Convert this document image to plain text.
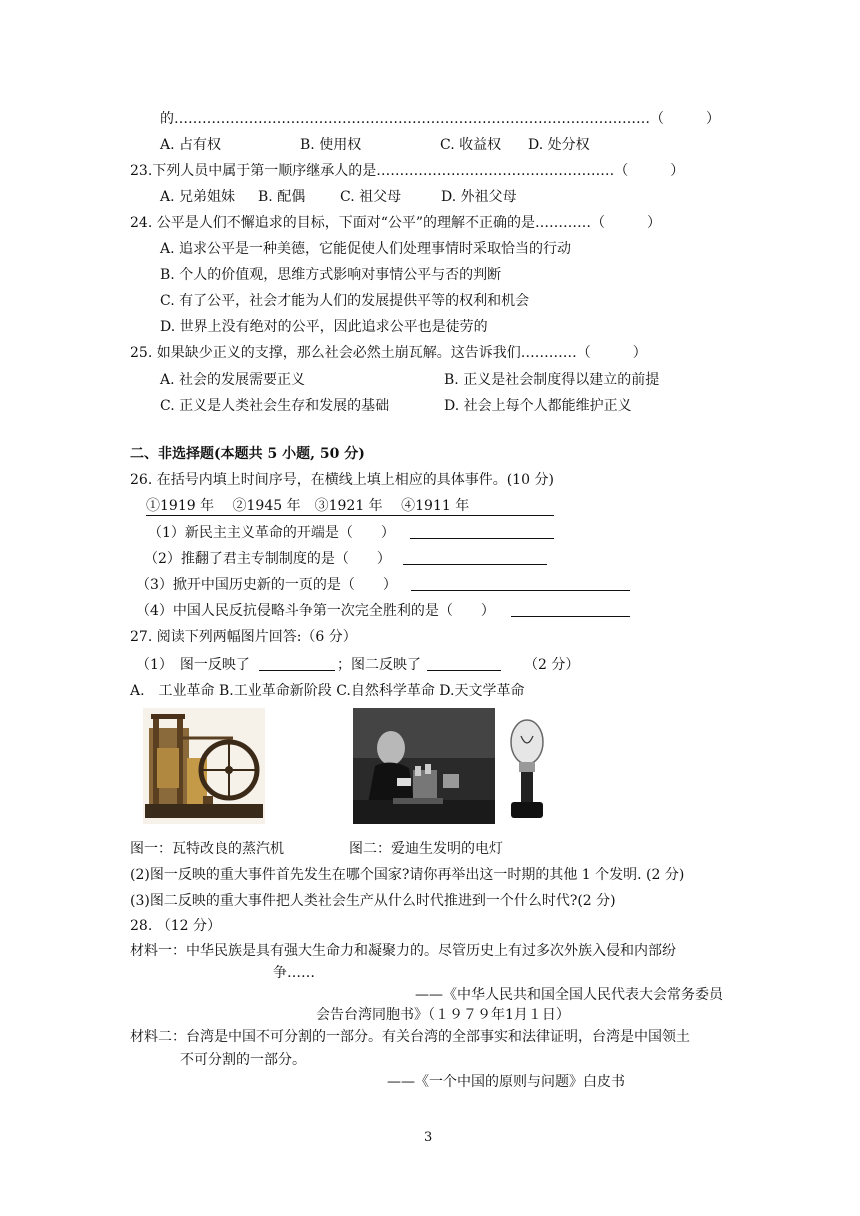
的…………………………………………………………………………………………（　　　）
A. 占有权	B. 使用权	C. 收益权 D. 处分权
23.下列人员中属于第一顺序继承人的是……………………………………………（　　　）
A. 兄弟姐妹 B. 配偶 C. 祖父母	D. 外祖父母
24. 公平是人们不懈追求的目标，下面对“公平”的理解不正确的是…………（　　　）
A. 追求公平是一种美德，它能促使人们处理事情时采取恰当的行动
B. 个人的价值观，思维方式影响对事情公平与否的判断
C. 有了公平，社会才能为人们的发展提供平等的权利和机会
D. 世界上没有绝对的公平，因此追求公平也是徒劳的
25. 如果缺少正义的支撑，那么社会必然土崩瓦解。这告诉我们…………（　　　）
A. 社会的发展需要正义	B. 正义是社会制度得以建立的前提
C. 正义是人类社会生存和发展的基础	D. 社会上每个人都能维护正义
二、非选择题(本题共 5 小题, 50 分)
26. 在括号内填上时间序号，在横线上填上相应的具体事件。(10 分)
①1919 年　 ②1945 年　③1921 年　 ④1911 年
（1）新民主主义革命的开端是（　　）
（2）推翻了君主专制制度的是（　　）
（3）掀开中国历史新的一页的是（　　）
（4）中国人民反抗侵略斗争第一次完全胜利的是（　　）
27. 阅读下列两幅图片回答:（6 分）
（1）　图一反映了	；图二反映了	（2 分）
A.　工业革命 B.工业革命新阶段 C.自然科学革命 D.天文学革命
图一：瓦特改良的蒸汽机	图二：爱迪生发明的电灯
(2)图一反映的重大事件首先发生在哪个国家?请你再举出这一时期的其他 1 个发明. (2 分)
(3)图二反映的重大事件把人类社会生产从什么时代推进到一个什么时代?(2 分)
28. （12 分）
材料一：中华民族是具有强大生命力和凝聚力的。尽管历史上有过多次外族入侵和内部纷
争……
——《中华人民共和国全国人民代表大会常务委员
会告台湾同胞书》（１９７９年1月１日）
材料二：台湾是中国不可分割的一部分。有关台湾的全部事实和法律证明，台湾是中国领土
不可分割的一部分。
——《一个中国的原则与问题》白皮书
3
